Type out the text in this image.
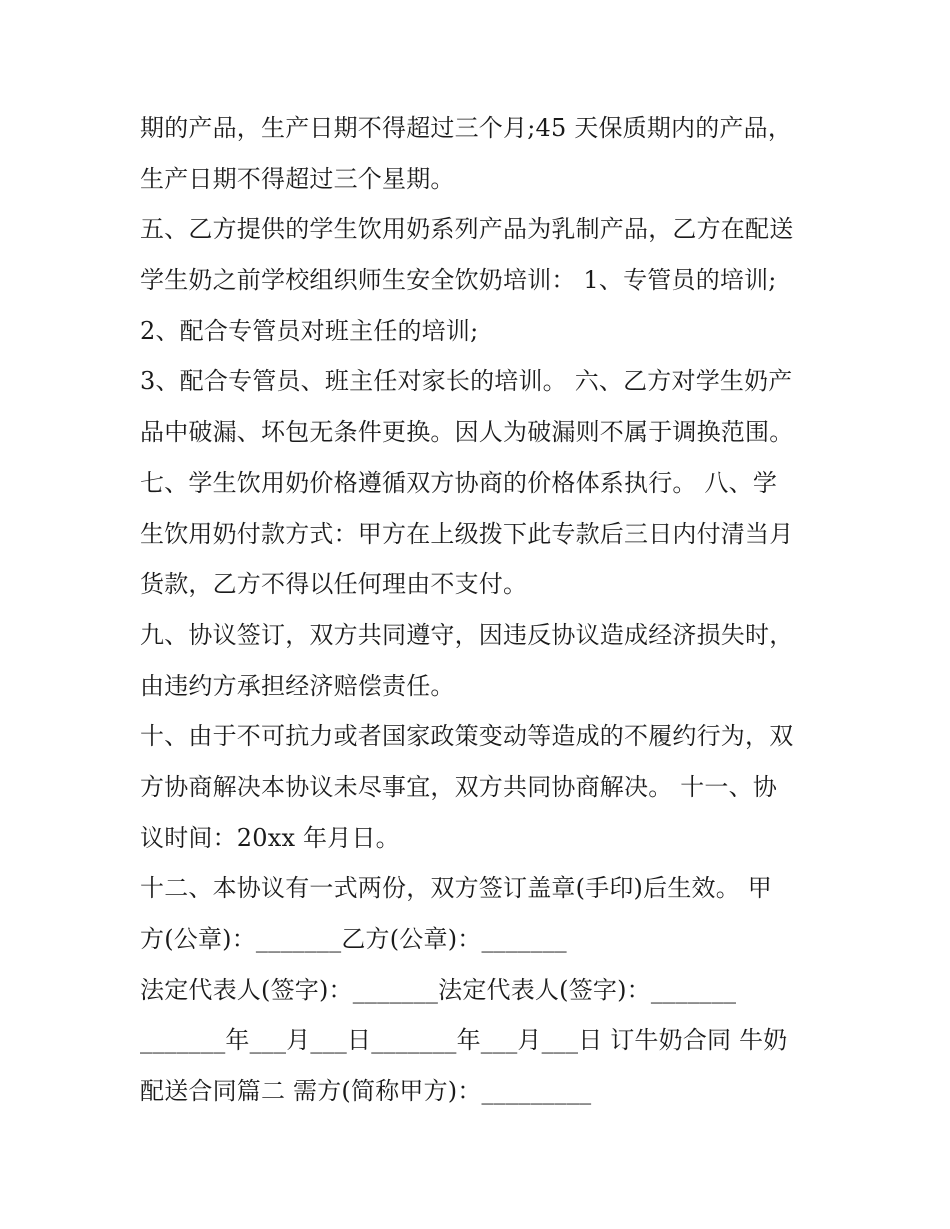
期的产品，生产日期不得超过三个月;45 天保质期内的产品，
生产日期不得超过三个星期。
五、乙方提供的学生饮用奶系列产品为乳制产品，乙方在配送
学生奶之前学校组织师生安全饮奶培训： 1、专管员的培训;
2、配合专管员对班主任的培训;
3、配合专管员、班主任对家长的培训。 六、乙方对学生奶产
品中破漏、坏包无条件更换。因人为破漏则不属于调换范围。
七、学生饮用奶价格遵循双方协商的价格体系执行。 八、学
生饮用奶付款方式：甲方在上级拨下此专款后三日内付清当月
货款，乙方不得以任何理由不支付。
九、协议签订，双方共同遵守，因违反协议造成经济损失时，
由违约方承担经济赔偿责任。
十、由于不可抗力或者国家政策变动等造成的不履约行为，双
方协商解决本协议未尽事宜，双方共同协商解决。 十一、协
议时间：20xx 年月日。
十二、本协议有一式两份，双方签订盖章(手印)后生效。 甲
方(公章)：_______乙方(公章)：_______
法定代表人(签字)：_______法定代表人(签字)：_______
_______年___月___日_______年___月___日 订牛奶合同 牛奶
配送合同篇二 需方(简称甲方)：_________
